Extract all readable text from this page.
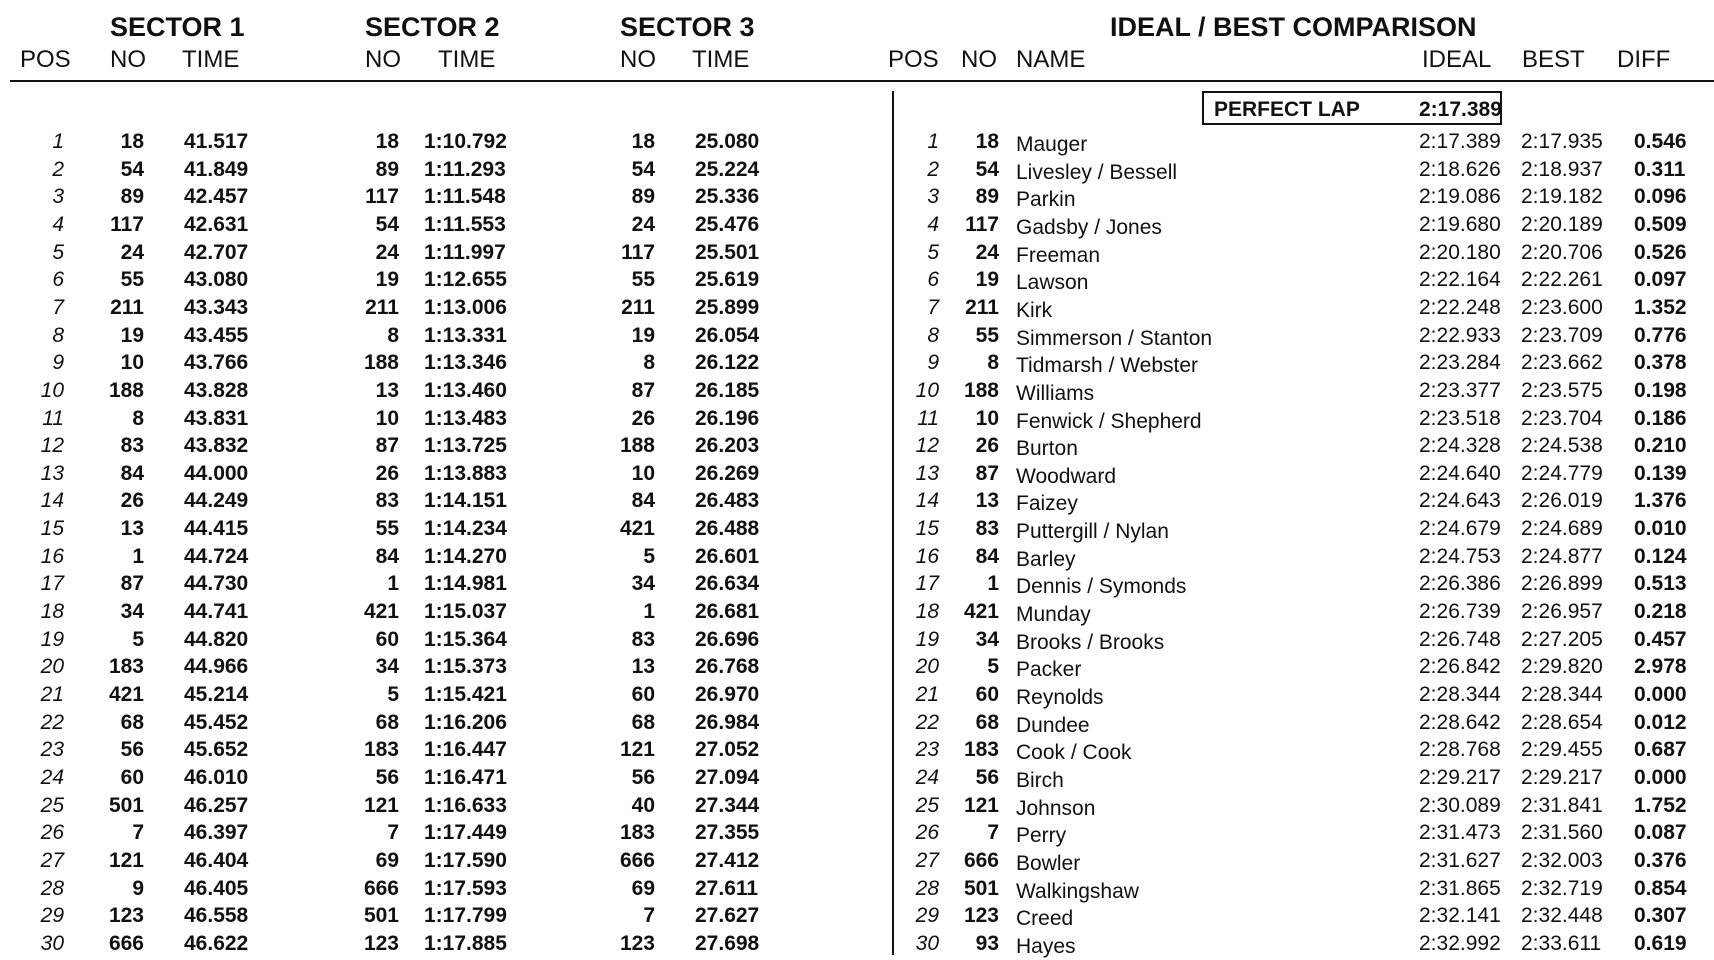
SECTOR 1	SECTOR 2	SECTOR 3	IDEAL / BEST COMPARISON
POS NO TIME	NO TIME	NO TIME	POS NO NAME	IDEAL BEST DIFF
PERFECT LAP	2:17.389
1	18 41.517	18 1:10.792	18 25.080	1	18 Mauger	2:17.389 2:17.935 0.546
2	54 41.849	89 1:11.293	54 25.224	2	54 Livesley / Bessell	2:18.626 2:18.937 0.311
3	89 42.457	117 1:11.548	89 25.336	3	89 Parkin	2:19.086 2:19.182 0.096
4	117 42.631	54 1:11.553	24 25.476	4	117 Gadsby / Jones	2:19.680 2:20.189 0.509
5	24 42.707	24 1:11.997	117 25.501	5	24 Freeman	2:20.180 2:20.706 0.526
6	55 43.080	19 1:12.655	55 25.619	6	19 Lawson	2:22.164 2:22.261 0.097
7	211 43.343	211 1:13.006	211 25.899	7	211 Kirk	2:22.248 2:23.600 1.352
8	19 43.455	8 1:13.331	19 26.054	8	55 Simmerson / Stanton	2:22.933 2:23.709 0.776
9	10 43.766	188 1:13.346	8 26.122	9	8 Tidmarsh / Webster	2:23.284 2:23.662 0.378
10	188 43.828	13 1:13.460	87 26.185	10	188 Williams	2:23.377 2:23.575 0.198
11	8 43.831	10 1:13.483	26 26.196	11	10 Fenwick / Shepherd	2:23.518 2:23.704 0.186
12	83 43.832	87 1:13.725	188 26.203	12	26 Burton	2:24.328 2:24.538 0.210
13	84 44.000	26 1:13.883	10 26.269	13	87 Woodward	2:24.640 2:24.779 0.139
14	26 44.249	83 1:14.151	84 26.483	14	13 Faizey	2:24.643 2:26.019 1.376
15	13 44.415	55 1:14.234	421 26.488	15	83 Puttergill / Nylan	2:24.679 2:24.689 0.010
16	1 44.724	84 1:14.270	5 26.601	16	84 Barley	2:24.753 2:24.877 0.124
17	87 44.730	1 1:14.981	34 26.634	17	1 Dennis / Symonds	2:26.386 2:26.899 0.513
18	34 44.741	421 1:15.037	1 26.681	18	421 Munday	2:26.739 2:26.957 0.218
19	5 44.820	60 1:15.364	83 26.696	19	34 Brooks / Brooks	2:26.748 2:27.205 0.457
20	183 44.966	34 1:15.373	13 26.768	20	5 Packer	2:26.842 2:29.820 2.978
21	421 45.214	5 1:15.421	60 26.970	21	60 Reynolds	2:28.344 2:28.344 0.000
22	68 45.452	68 1:16.206	68 26.984	22	68 Dundee	2:28.642 2:28.654 0.012
23	56 45.652	183 1:16.447	121 27.052	23	183 Cook / Cook	2:28.768 2:29.455 0.687
24	60 46.010	56 1:16.471	56 27.094	24	56 Birch	2:29.217 2:29.217 0.000
25	501 46.257	121 1:16.633	40 27.344	25	121 Johnson	2:30.089 2:31.841 1.752
26	7 46.397	7 1:17.449	183 27.355	26	7 Perry	2:31.473 2:31.560 0.087
27	121 46.404	69 1:17.590	666 27.412	27	666 Bowler	2:31.627 2:32.003 0.376
28	9 46.405	666 1:17.593	69 27.611	28	501 Walkingshaw	2:31.865 2:32.719 0.854
29	123 46.558	501 1:17.799	7 27.627	29	123 Creed	2:32.141 2:32.448 0.307
30	666 46.622	123 1:17.885	123 27.698	30	93 Hayes	2:32.992 2:33.611 0.619
